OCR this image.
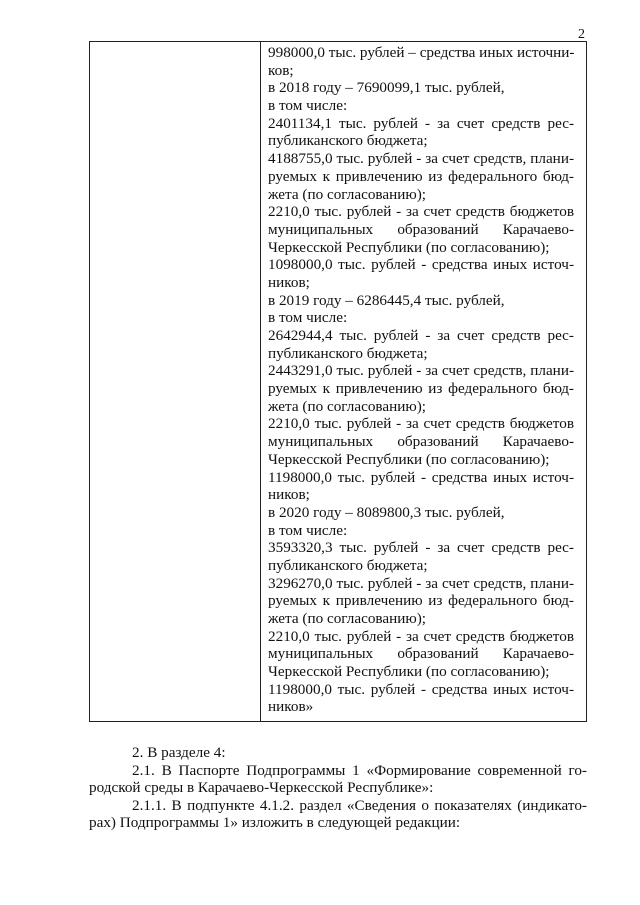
2
998000,0 тыс. рублей – средства иных источни-
ков;
в 2018 году – 7690099,1 тыс. рублей,
в том числе:
2401134,1 тыс. рублей - за счет средств рес-
публиканского бюджета;
4188755,0 тыс. рублей - за счет средств, плани-
руемых к привлечению из федерального бюд-
жета (по согласованию);
2210,0 тыс. рублей - за счет средств бюджетов
муниципальных образований Карачаево-
Черкесской Республики (по согласованию);
1098000,0 тыс. рублей - средства иных источ-
ников;
в 2019 году – 6286445,4 тыс. рублей,
в том числе:
2642944,4 тыс. рублей - за счет средств рес-
публиканского бюджета;
2443291,0 тыс. рублей - за счет средств, плани-
руемых к привлечению из федерального бюд-
жета (по согласованию);
2210,0 тыс. рублей - за счет средств бюджетов
муниципальных образований Карачаево-
Черкесской Республики (по согласованию);
1198000,0 тыс. рублей - средства иных источ-
ников;
в 2020 году – 8089800,3 тыс. рублей,
в том числе:
3593320,3 тыс. рублей - за счет средств рес-
публиканского бюджета;
3296270,0 тыс. рублей - за счет средств, плани-
руемых к привлечению из федерального бюд-
жета (по согласованию);
2210,0 тыс. рублей - за счет средств бюджетов
муниципальных образований Карачаево-
Черкесской Республики (по согласованию);
1198000,0 тыс. рублей - средства иных источ-
ников»
2. В разделе 4:
2.1. В Паспорте Подпрограммы 1 «Формирование современной го-
родской среды в Карачаево-Черкесской Республике»:
2.1.1. В подпункте 4.1.2. раздел «Сведения о показателях (индикато-
рах) Подпрограммы 1» изложить в следующей редакции:
